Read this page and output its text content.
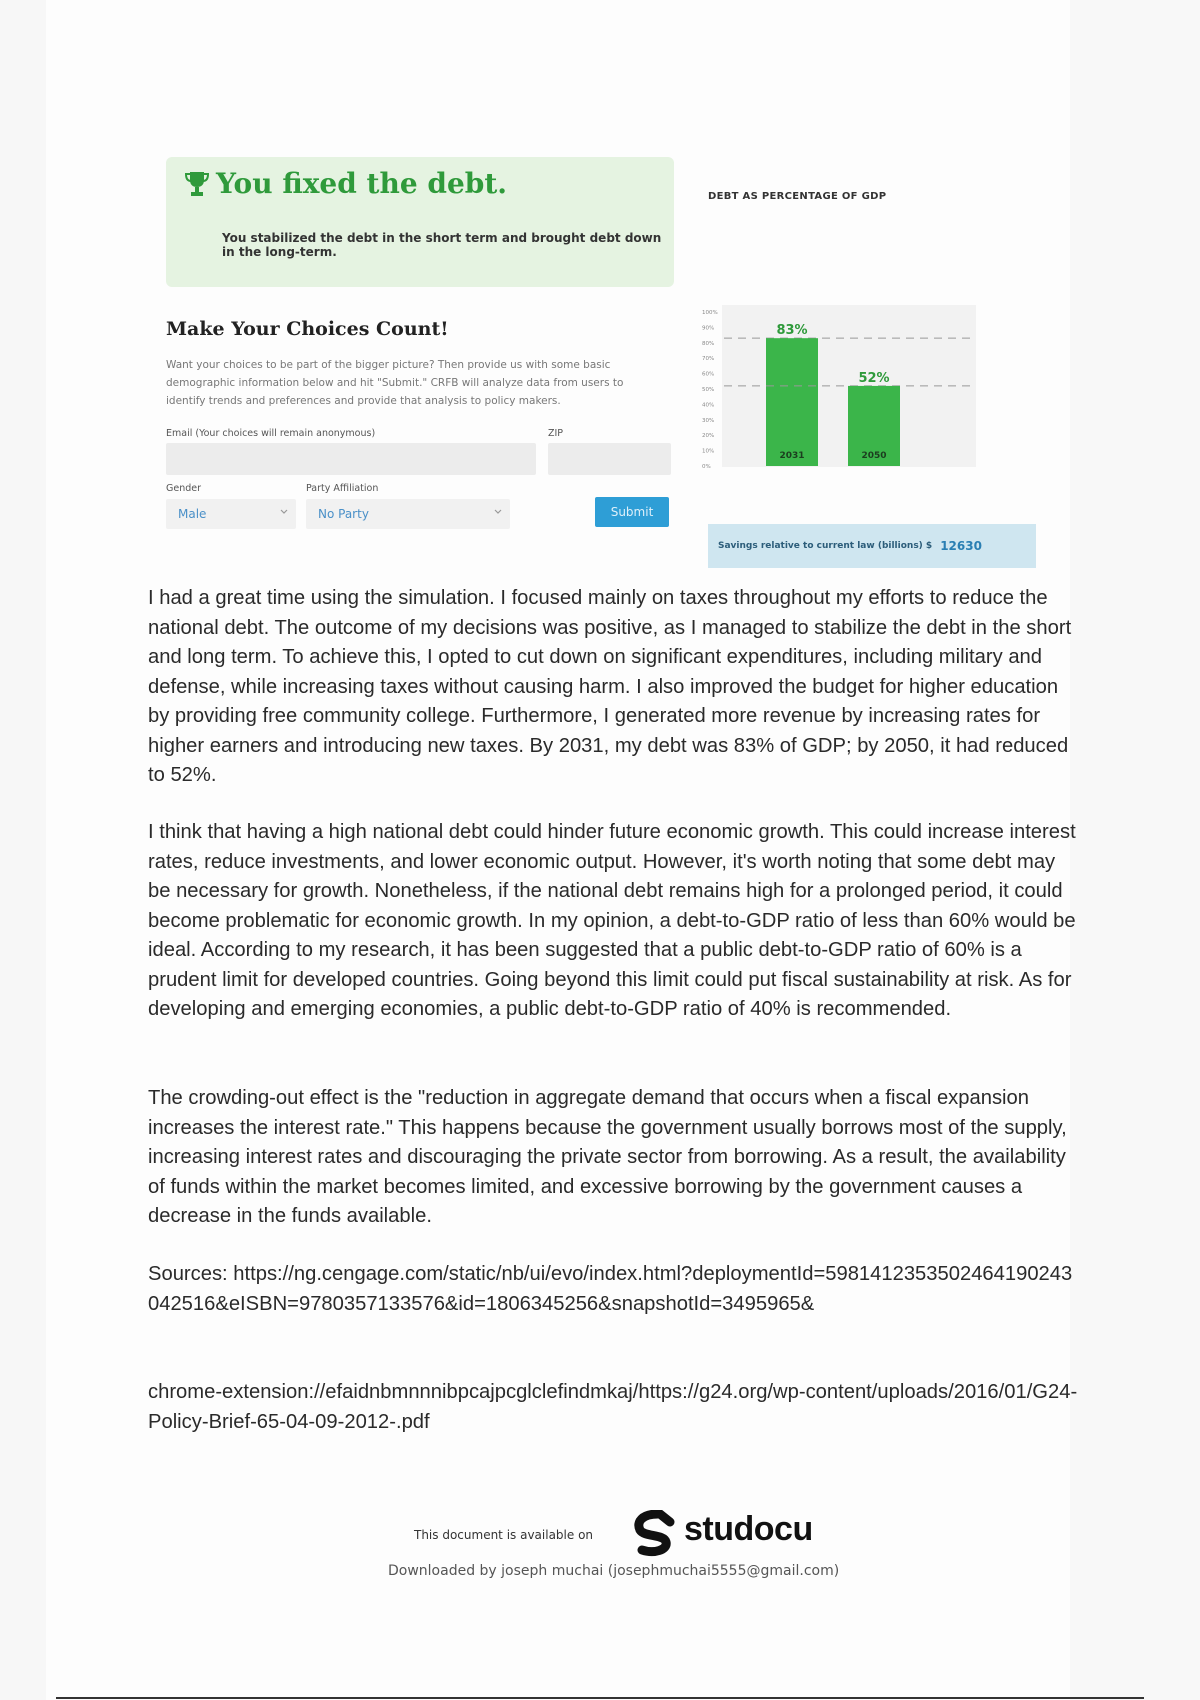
You fixed the debt.
You stabilized the debt in the short term and brought debt down in the long-term.
Make Your Choices Count!
Want your choices to be part of the bigger picture? Then provide us with some basic demographic information below and hit "Submit." CRFB will analyze data from users to identify trends and preferences and provide that analysis to policy makers.
Email (Your choices will remain anonymous)	ZIP
Gender
Male
Party Affiliation
No Party	Submit
DEBT AS PERCENTAGE OF GDP
100%
90%
80%
70%
60%
50%
40%
30%
20%
10%
0%
83%
2031
52%
2050
Savings relative to current law (billions) $ 12630
I had a great time using the simulation. I focused mainly on taxes throughout my efforts to reduce the national debt. The outcome of my decisions was positive, as I managed to stabilize the debt in the short and long term. To achieve this, I opted to cut down on significant expenditures, including military and defense, while increasing taxes without causing harm. I also improved the budget for higher education by providing free community college. Furthermore, I generated more revenue by increasing rates for higher earners and introducing new taxes. By 2031, my debt was 83% of GDP; by 2050, it had reduced to 52%.
I think that having a high national debt could hinder future economic growth. This could increase interest rates, reduce investments, and lower economic output. However, it's worth noting that some debt may be necessary for growth. Nonetheless, if the national debt remains high for a prolonged period, it could become problematic for economic growth. In my opinion, a debt-to-GDP ratio of less than 60% would be ideal. According to my research, it has been suggested that a public debt-to-GDP ratio of 60% is a prudent limit for developed countries. Going beyond this limit could put fiscal sustainability at risk. As for developing and emerging economies, a public debt-to-GDP ratio of 40% is recommended.
The crowding-out effect is the "reduction in aggregate demand that occurs when a fiscal expansion increases the interest rate." This happens because the government usually borrows most of the supply, increasing interest rates and discouraging the private sector from borrowing. As a result, the availability of funds within the market becomes limited, and excessive borrowing by the government causes a decrease in the funds available.
Sources: https://ng.cengage.com/static/nb/ui/evo/index.html?deploymentId=5981412353502464190243042516&eISBN=9780357133576&id=1806345256&snapshotId=3495965&
chrome-extension://efaidnbmnnnibpcajpcglclefindmkaj/https://g24.org/wp-content/uploads/2016/01/G24-Policy-Brief-65-04-09-2012-.pdf
This document is available on	studocu
Downloaded by joseph muchai (josephmuchai5555@gmail.com)
